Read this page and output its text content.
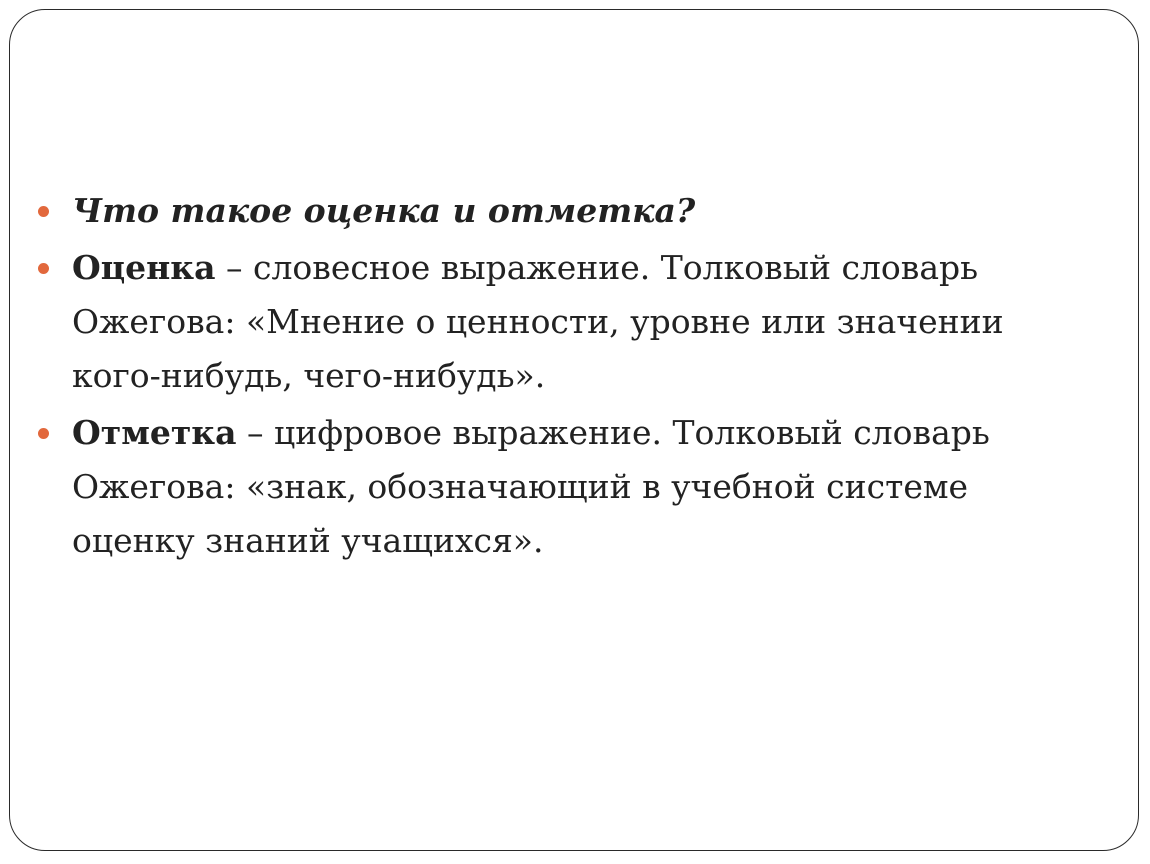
Что такое оценка и отметка?
Оценка – словесное выражение. Толковый словарь Ожегова: «Мнение о ценности, уровне или значении кого-нибудь, чего-нибудь».
Отметка – цифровое выражение. Толковый словарь Ожегова: «знак, обозначающий в учебной системе оценку знаний учащихся».
